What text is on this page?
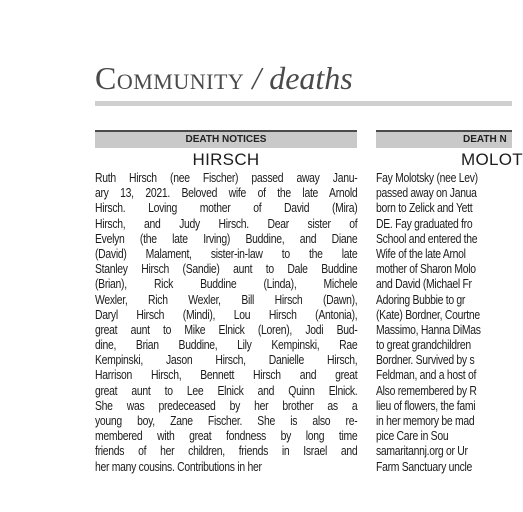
Community / deaths
DEATH NOTICES
HIRSCH
Ruth Hirsch (nee Fischer) passed away Janu-
ary 13, 2021. Beloved wife of the late Arnold
Hirsch. Loving mother of David (Mira)
Hirsch, and Judy Hirsch. Dear sister of
Evelyn (the late Irving) Buddine, and Diane
(David) Malament, sister-in-law to the late
Stanley Hirsch (Sandie) aunt to Dale Buddine
(Brian), Rick Buddine (Linda), Michele
Wexler, Rich Wexler, Bill Hirsch (Dawn),
Daryl Hirsch (Mindi), Lou Hirsch (Antonia),
great aunt to Mike Elnick (Loren), Jodi Bud-
dine, Brian Buddine, Lily Kempinski, Rae
Kempinski, Jason Hirsch, Danielle Hirsch,
Harrison Hirsch, Bennett Hirsch and great
great aunt to Lee Elnick and Quinn Elnick.
She was predeceased by her brother as a
young boy, Zane Fischer. She is also re-
membered with great fondness by long time
friends of her children, friends in Israel and
her many cousins. Contributions in her
DEATH N
MOLOT
Fay Molotsky (nee Lev)
passed away on Janua
born to Zelick and Yett
DE. Fay graduated fro
School and entered the
Wife of the late Arnol
mother of Sharon Molo
and David (Michael Fr
Adoring Bubbie to gr
(Kate) Bordner, Courtne
Massimo, Hanna DiMas
to great grandchildren
Bordner. Survived by s
Feldman, and a host of
Also remembered by R
lieu of flowers, the fami
in her memory be mad
pice Care in Sou
samaritannj.org or Ur
Farm Sanctuary uncle
